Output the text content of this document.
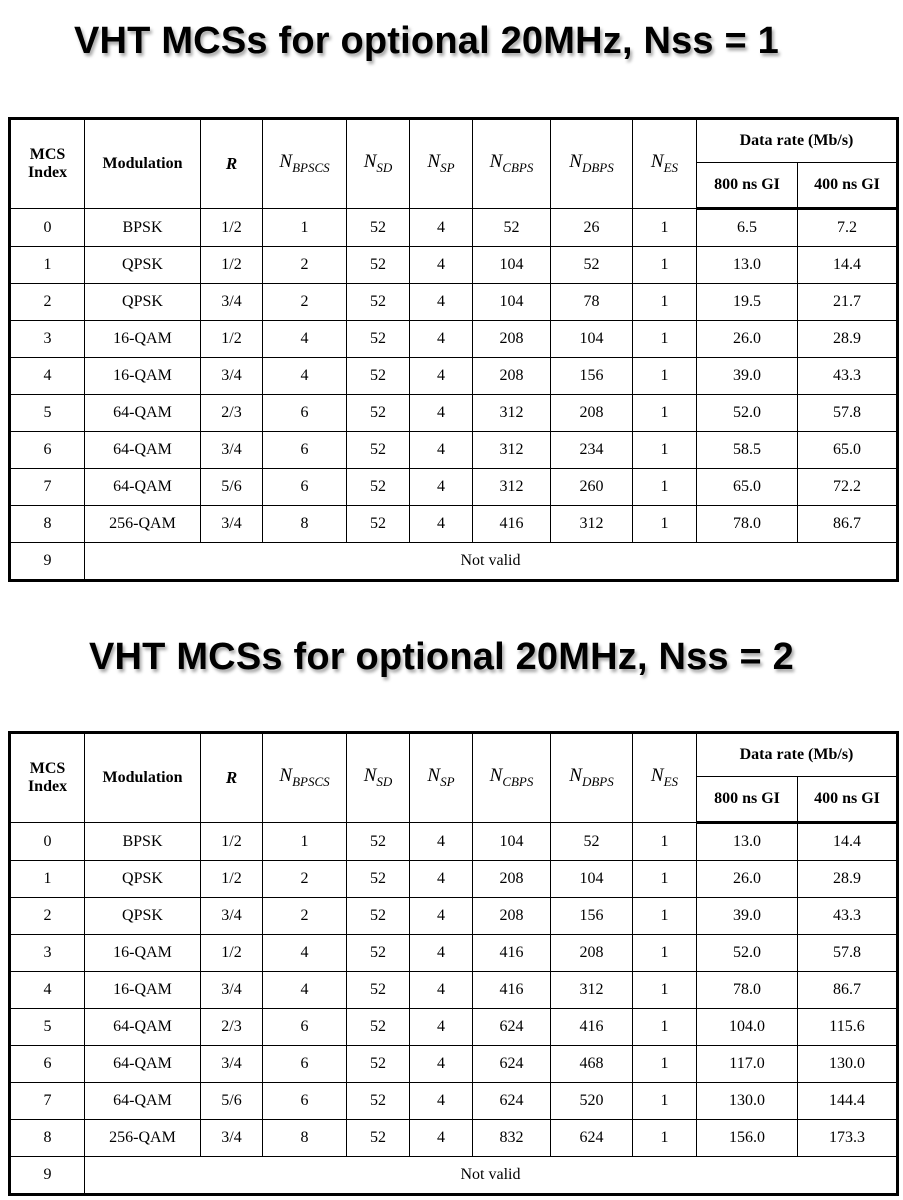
VHT MCSs for optional 20MHz, Nss = 1
VHT MCSs for optional 20MHz, Nss = 2
MCS
Index	Modulation	R	$N_{BPSCS}$	$N_{SD}$	$N_{SP}$	$N_{CBPS}$	$N_{DBPS}$	$N_{ES}$	Data rate (Mb/s)	
									800 ns GI	400 ns GI
0	BPSK	1/2	1	52	4	52	26	1	6.5	7.2
1	QPSK	1/2	2	52	4	104	52	1	13.0	14.4
2	QPSK	3/4	2	52	4	104	78	1	19.5	21.7
3	16-QAM	1/2	4	52	4	208	104	1	26.0	28.9
4	16-QAM	3/4	4	52	4	208	156	1	39.0	43.3
5	64-QAM	2/3	6	52	4	312	208	1	52.0	57.8
6	64-QAM	3/4	6	52	4	312	234	1	58.5	65.0
7	64-QAM	5/6	6	52	4	312	260	1	65.0	72.2
8	256-QAM	3/4	8	52	4	416	312	1	78.0	86.7
9	Not valid									
MCS
Index	Modulation	R	$N_{BPSCS}$	$N_{SD}$	$N_{SP}$	$N_{CBPS}$	$N_{DBPS}$	$N_{ES}$	Data rate (Mb/s)	
									800 ns GI	400 ns GI
0	BPSK	1/2	1	52	4	104	52	1	13.0	14.4
1	QPSK	1/2	2	52	4	208	104	1	26.0	28.9
2	QPSK	3/4	2	52	4	208	156	1	39.0	43.3
3	16-QAM	1/2	4	52	4	416	208	1	52.0	57.8
4	16-QAM	3/4	4	52	4	416	312	1	78.0	86.7
5	64-QAM	2/3	6	52	4	624	416	1	104.0	115.6
6	64-QAM	3/4	6	52	4	624	468	1	117.0	130.0
7	64-QAM	5/6	6	52	4	624	520	1	130.0	144.4
8	256-QAM	3/4	8	52	4	832	624	1	156.0	173.3
9	Not valid									
